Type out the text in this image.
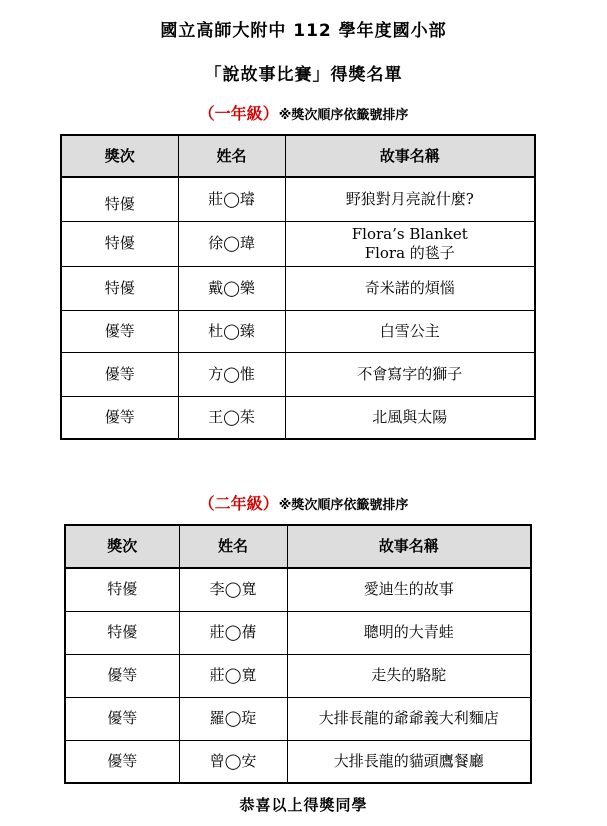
國立高師大附中 112 學年度國小部
「說故事比賽」得獎名單
（一年級）※獎次順序依籤號排序
獎次	姓名	故事名稱
特優	莊◯璿	野狼對月亮說什麼?
特優	徐◯瑋	Flora’s Blanket
Flora 的毯子

特優	戴◯樂	奇米諾的煩惱
優等	杜◯臻	白雪公主
優等	方◯惟	不會寫字的獅子
優等	王◯茱	北風與太陽
（二年級）※獎次順序依籤號排序
獎次	姓名	故事名稱
特優	李◯寬	愛迪生的故事
特優	莊◯蒨	聰明的大青蛙
優等	莊◯寬	走失的駱駝
優等	羅◯琁	大排長龍的爺爺義大利麵店
優等	曾◯安	大排長龍的貓頭鷹餐廳
恭喜以上得獎同學
